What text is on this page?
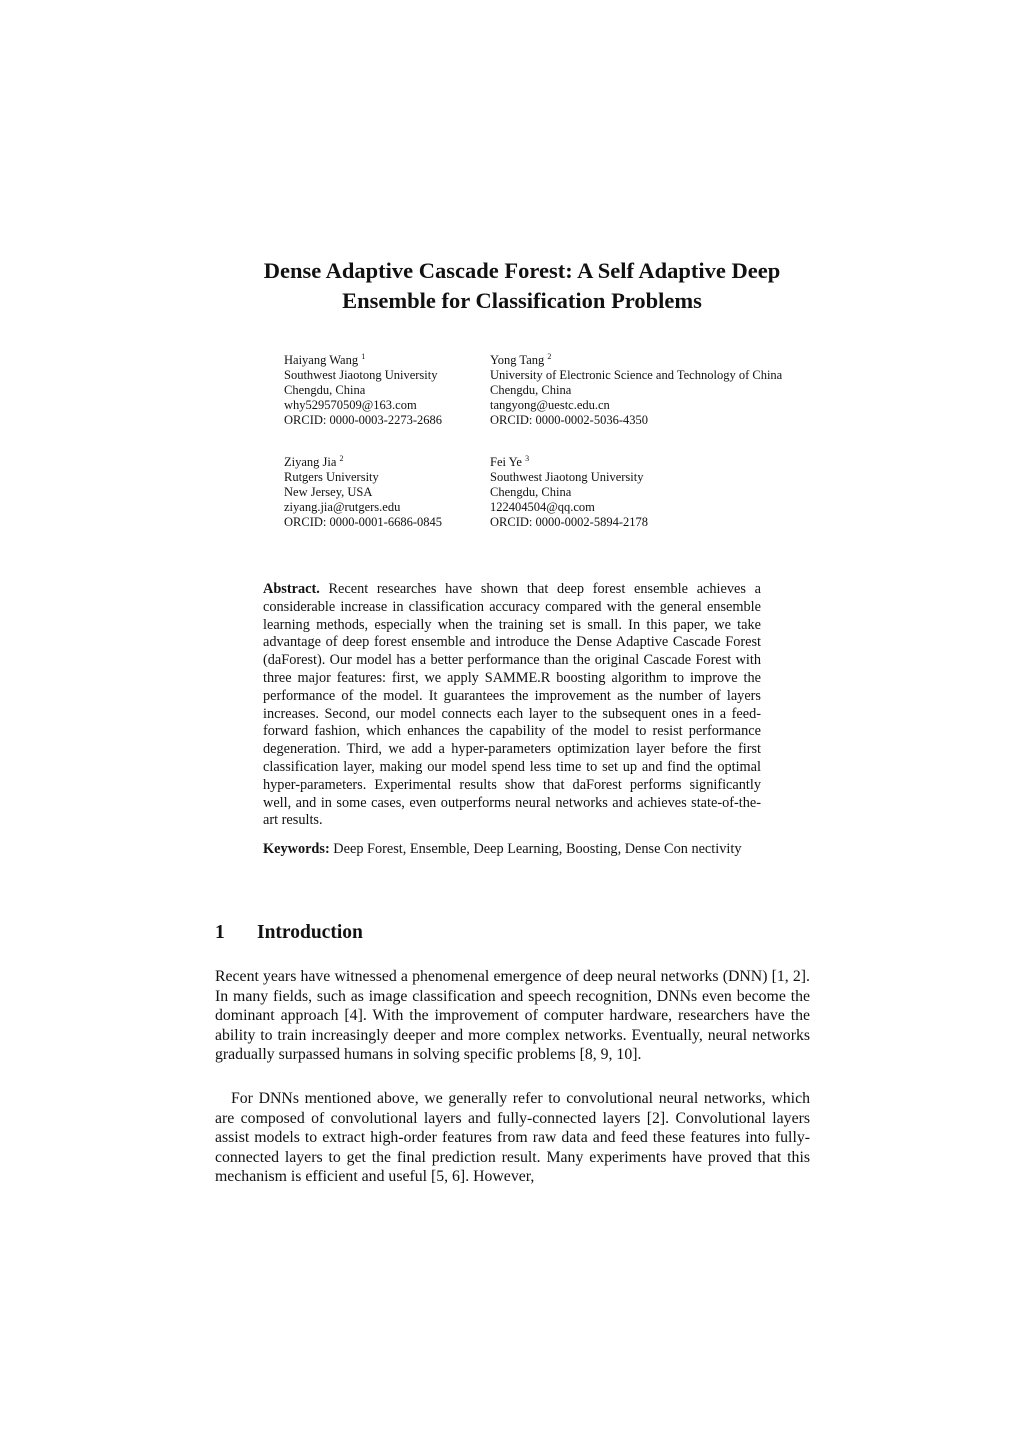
Dense Adaptive Cascade Forest: A Self Adaptive Deep
Ensemble for Classification Problems
Haiyang Wang $^1$
Southwest Jiaotong University
Chengdu, China
why529570509@163.com
ORCID: 0000-0003-2273-2686
Yong Tang $^2$
University of Electronic Science and Technology of China
Chengdu, China
tangyong@uestc.edu.cn
ORCID: 0000-0002-5036-4350
Ziyang Jia $^2$
Rutgers University
New Jersey, USA
ziyang.jia@rutgers.edu
ORCID: 0000-0001-6686-0845
Fei Ye $^3$
Southwest Jiaotong University
Chengdu, China
122404504@qq.com
ORCID: 0000-0002-5894-2178
Abstract. Recent researches have shown that deep forest ensemble achieves a considerable increase in classification accuracy compared with the general ensemble learning methods, especially when the training set is small. In this paper, we take advantage of deep forest ensemble and introduce the Dense Adaptive Cascade Forest (daForest). Our model has a better performance than the original Cascade Forest with three major features: first, we apply SAMME.R boosting algorithm to improve the performance of the model. It guarantees the improvement as the number of layers increases. Second, our model connects each layer to the subsequent ones in a feed-forward fashion, which enhances the capability of the model to resist performance degeneration. Third, we add a hyper-parameters optimization layer before the first classification layer, making our model spend less time to set up and find the optimal hyper-parameters. Experimental results show that daForest performs significantly well, and in some cases, even outperforms neural networks and achieves state-of-the-art results.
Keywords: Deep Forest, Ensemble, Deep Learning, Boosting, Dense Con nectivity
1 Introduction

Recent years have witnessed a phenomenal emergence of deep neural networks (DNN) [1, 2]. In many fields, such as image classification and speech recognition, DNNs even become the dominant approach [4]. With the improvement of computer hardware, researchers have the ability to train increasingly deeper and more complex networks. Eventually, neural networks gradually surpassed humans in solving specific problems [8, 9, 10].

For DNNs mentioned above, we generally refer to convolutional neural networks, which are composed of convolutional layers and fully-connected layers [2]. Convolutional layers assist models to extract high-order features from raw data and feed these features into fully-connected layers to get the final prediction result. Many experiments have proved that this mechanism is efficient and useful [5, 6]. However,
